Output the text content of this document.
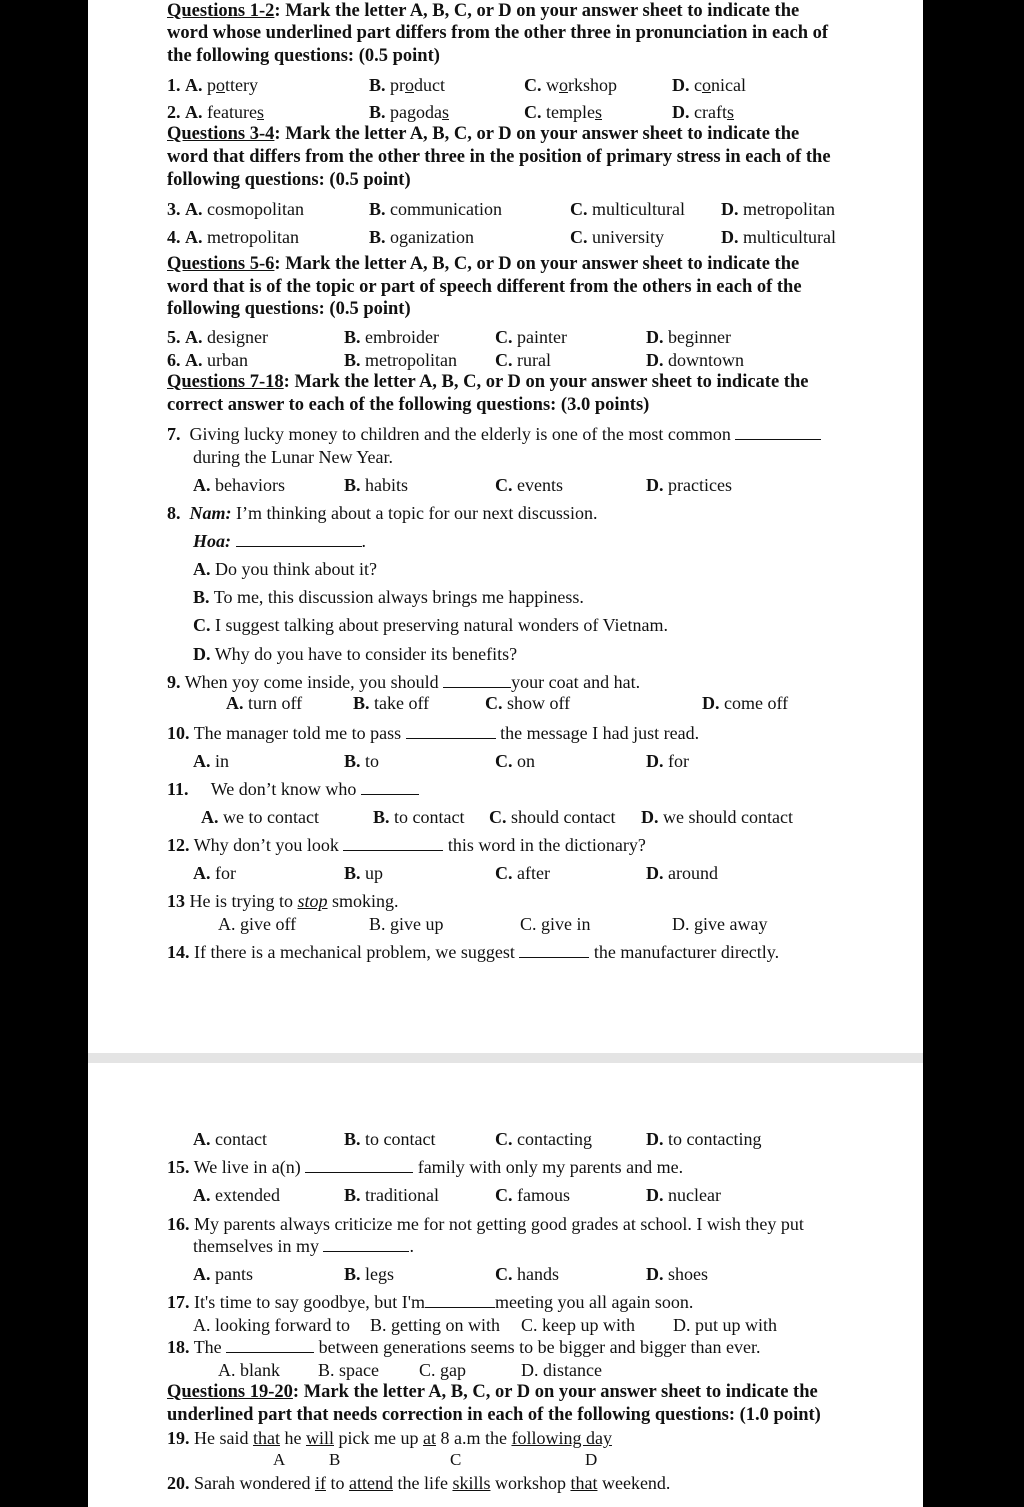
Questions 1-2: Mark the letter A, B, C, or D on your answer sheet to indicate the
word whose underlined part differs from the other three in pronunciation in each of
the following questions: (0.5 point)
1. A. pottery	B. product	C. workshop	D. conical
2. A. features	B. pagodas	C. temples	D. crafts
Questions 3-4: Mark the letter A, B, C, or D on your answer sheet to indicate the
word that differs from the other three in the position of primary stress in each of the
following questions: (0.5 point)
3. A. cosmopolitan	B. communication	C. multicultural D. metropolitan
4. A. metropolitan	B. oganization	C. university	D. multicultural
Questions 5-6: Mark the letter A, B, C, or D on your answer sheet to indicate the
word that is of the topic or part of speech different from the others in each of the
following questions: (0.5 point)
5. A. designer	B. embroider	C. painter	D. beginner
6. A. urban	B. metropolitan C. rural	D. downtown
Questions 7-18: Mark the letter A, B, C, or D on your answer sheet to indicate the
correct answer to each of the following questions: (3.0 points)
7. Giving lucky money to children and the elderly is one of the most common
during the Lunar New Year.
A. behaviors	B. habits	C. events	D. practices
8. Nam: I’m thinking about a topic for our next discussion.
Hoa:	.
A. Do you think about it?
B. To me, this discussion always brings me happiness.
C. I suggest talking about preserving natural wonders of Vietnam.
D. Why do you have to consider its benefits?
9. When yoy come inside, you should	your coat and hat.
A. turn off	B. take off	C. show off	D. come off
10. The manager told me to pass	the message I had just read.
A. in	B. to	C. on	D. for
11. We don’t know who
A. we to contact	B. to contact C. should contact D. we should contact
12. Why don’t you look	this word in the dictionary?
A. for	B. up	C. after	D. around
13 He is trying to stop smoking.
A. give off	B. give up	C. give in	D. give away
14. If there is a mechanical problem, we suggest	the manufacturer directly.
A. contact	B. to contact	C. contacting	D. to contacting
15. We live in a(n)	family with only my parents and me.
A. extended	B. traditional	C. famous	D. nuclear
16. My parents always criticize me for not getting good grades at school. I wish they put
themselves in my	.
A. pants	B. legs	C. hands	D. shoes
17. It's time to say goodbye, but I'm	meeting you all again soon.
A. looking forward to B. getting on with C. keep up with D. put up with
18. The	between generations seems to be bigger and bigger than ever.
A. blank B. space C. gap	D. distance
Questions 19-20: Mark the letter A, B, C, or D on your answer sheet to indicate the
underlined part that needs correction in each of the following questions: (1.0 point)
19. He said that he will pick me up at 8 a.m the following day
A	B	C	D
20. Sarah wondered if to attend the life skills workshop that weekend.
